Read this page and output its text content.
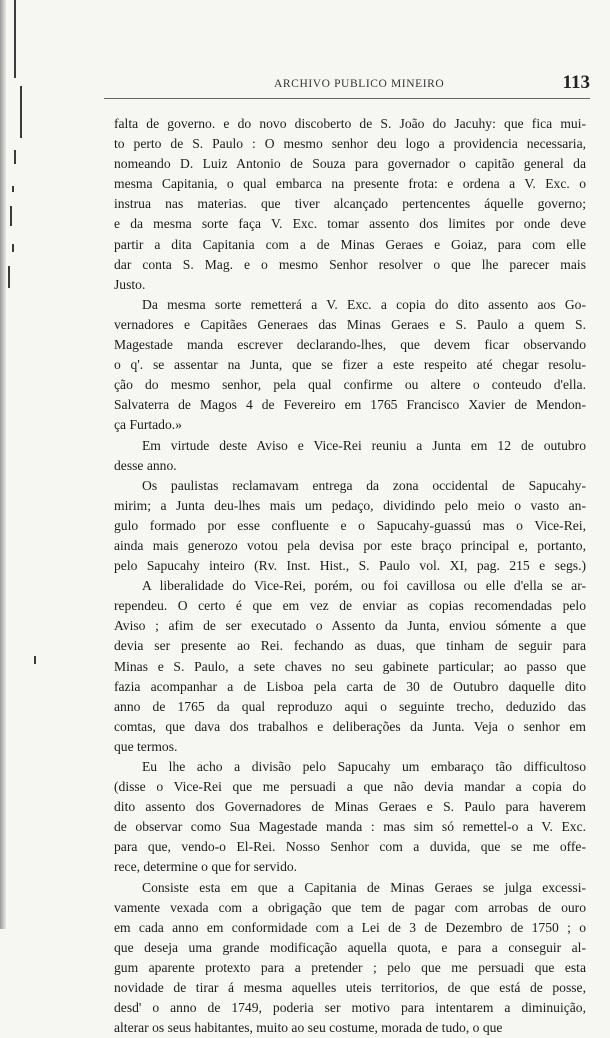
ARCHIVO PUBLICO MINEIRO	113
falta de governo. e do novo discoberto de S. João do Jacuhy: que fica mui-
to perto de S. Paulo : O mesmo senhor deu logo a providencia necessaria,
nomeando D. Luiz Antonio de Souza para governador o capitão general da
mesma Capitania, o qual embarca na presente frota: e ordena a V. Exc. o
instrua nas materias. que tiver alcançado pertencentes áquelle governo;
e da mesma sorte faça V. Exc. tomar assento dos limites por onde deve
partir a dita Capitania com a de Minas Geraes e Goiaz, para com elle
dar conta S. Mag. e o mesmo Senhor resolver o que lhe parecer mais
Justo.
Da mesma sorte remetterá a V. Exc. a copia do dito assento aos Go-
vernadores e Capitães Generaes das Minas Geraes e S. Paulo a quem S.
Magestade manda escrever declarando-lhes, que devem ficar observando
o q'. se assentar na Junta, que se fizer a este respeito até chegar resolu-
ção do mesmo senhor, pela qual confirme ou altere o conteudo d'ella.
Salvaterra de Magos 4 de Fevereiro em 1765 Francisco Xavier de Mendon-
ça Furtado.»
Em virtude deste Aviso e Vice-Rei reuniu a Junta em 12 de outubro
desse anno.
Os paulistas reclamavam entrega da zona occidental de Sapucahy-
mirim; a Junta deu-lhes mais um pedaço, dividindo pelo meio o vasto an-
gulo formado por esse confluente e o Sapucahy-guassú mas o Vice-Rei,
ainda mais generozo votou pela devisa por este braço principal e, portanto,
pelo Sapucahy inteiro (Rv. Inst. Hist., S. Paulo vol. XI, pag. 215 e segs.)
A liberalidade do Vice-Rei, porém, ou foi cavillosa ou elle d'ella se ar-
rependeu. O certo é que em vez de enviar as copias recomendadas pelo
Aviso ; afim de ser executado o Assento da Junta, enviou sómente a que
devia ser presente ao Rei. fechando as duas, que tinham de seguir para
Minas e S. Paulo, a sete chaves no seu gabinete particular; ao passo que
fazia acompanhar a de Lisboa pela carta de 30 de Outubro daquelle dito
anno de 1765 da qual reproduzo aqui o seguinte trecho, deduzido das
comtas, que dava dos trabalhos e deliberações da Junta. Veja o senhor em
que termos.
Eu lhe acho a divisão pelo Sapucahy um embaraço tão difficultoso
(disse o Vice-Rei que me persuadi a que não devia mandar a copia do
dito assento dos Governadores de Minas Geraes e S. Paulo para haverem
de observar como Sua Magestade manda : mas sim só remettel-o a V. Exc.
para que, vendo-o El-Rei. Nosso Senhor com a duvida, que se me offe-
rece, determine o que for servido.
Consiste esta em que a Capitania de Minas Geraes se julga excessi-
vamente vexada com a obrigação que tem de pagar com arrobas de ouro
em cada anno em conformidade com a Lei de 3 de Dezembro de 1750 ; o
que deseja uma grande modificação aquella quota, e para a conseguir al-
gum aparente protexto para a pretender ; pelo que me persuadi que esta
novidade de tirar á mesma aquelles uteis territorios, de que está de posse,
desd' o anno de 1749, poderia ser motivo para intentarem a diminuição,
alterar os seus habitantes, muito ao seu costume, morada de tudo, o que
